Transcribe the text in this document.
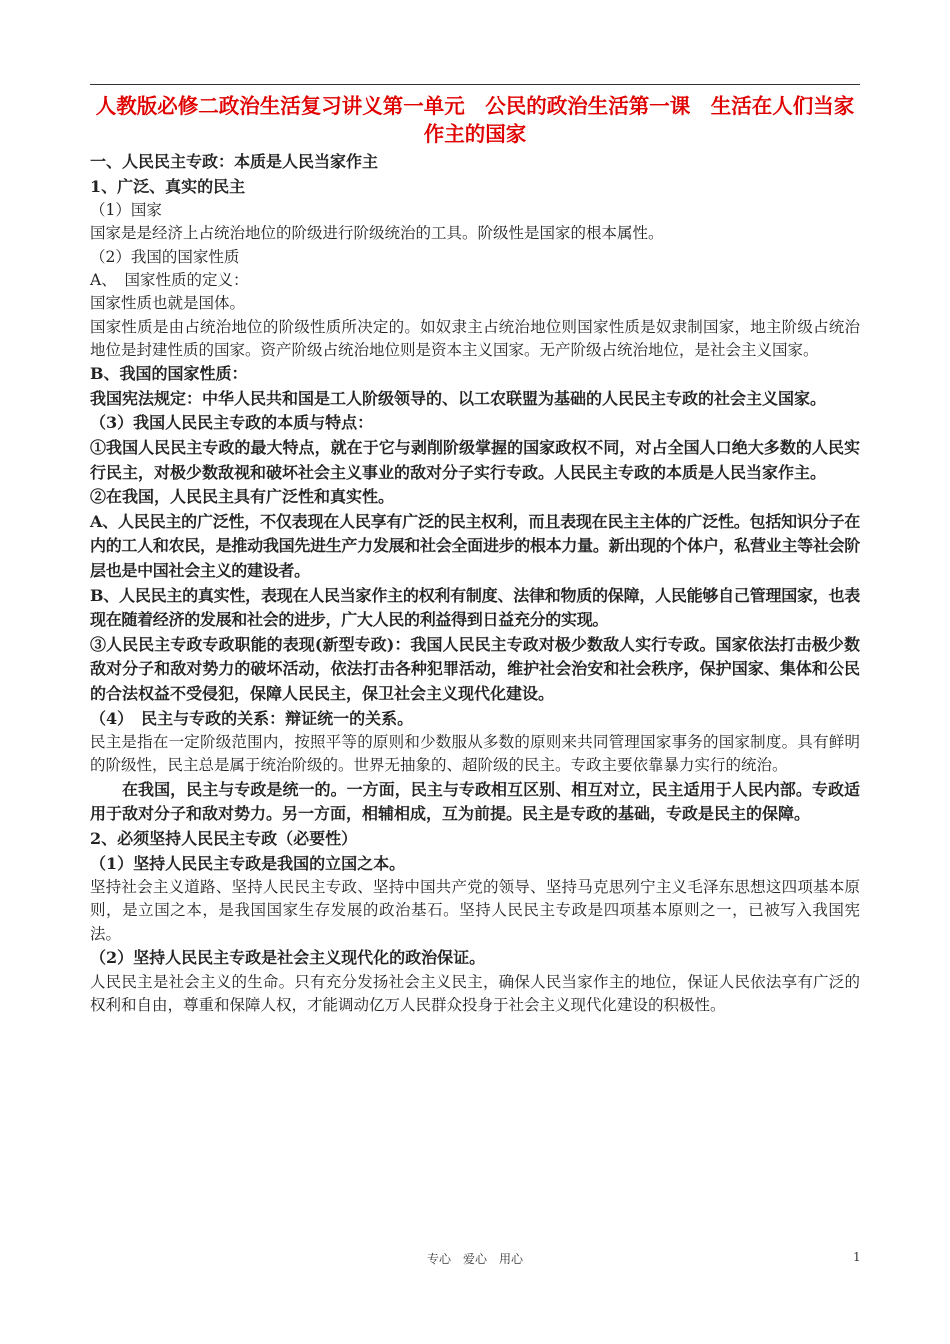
人教版必修二政治生活复习讲义第一单元　公民的政治生活第一课　生活在人们当家作主的国家

一、人民民主专政：本质是人民当家作主

1、广泛、真实的民主

（1）国家

国家是是经济上占统治地位的阶级进行阶级统治的工具。阶级性是国家的根本属性。

（2）我国的国家性质

A、　国家性质的定义：

国家性质也就是国体。

国家性质是由占统治地位的阶级性质所决定的。如奴隶主占统治地位则国家性质是奴隶制国家，地主阶级占统治地位是封建性质的国家。资产阶级占统治地位则是资本主义国家。无产阶级占统治地位，是社会主义国家。

B、我国的国家性质：

我国宪法规定：中华人民共和国是工人阶级领导的、以工农联盟为基础的人民民主专政的社会主义国家。

（3）我国人民民主专政的本质与特点：

①我国人民民主专政的最大特点，就在于它与剥削阶级掌握的国家政权不同，对占全国人口绝大多数的人民实行民主，对极少数敌视和破坏社会主义事业的敌对分子实行专政。人民民主专政的本质是人民当家作主。

②在我国，人民民主具有广泛性和真实性。

A、人民民主的广泛性，不仅表现在人民享有广泛的民主权利，而且表现在民主主体的广泛性。包括知识分子在内的工人和农民，是推动我国先进生产力发展和社会全面进步的根本力量。新出现的个体户，私营业主等社会阶层也是中国社会主义的建设者。

B、人民民主的真实性，表现在人民当家作主的权利有制度、法律和物质的保障，人民能够自己管理国家，也表现在随着经济的发展和社会的进步，广大人民的利益得到日益充分的实现。

③人民民主专政专政职能的表现(新型专政)：我国人民民主专政对极少数敌人实行专政。国家依法打击极少数敌对分子和敌对势力的破坏活动，依法打击各种犯罪活动，维护社会治安和社会秩序，保护国家、集体和公民的合法权益不受侵犯，保障人民民主，保卫社会主义现代化建设。

（4）　民主与专政的关系：辩证统一的关系。

民主是指在一定阶级范围内，按照平等的原则和少数服从多数的原则来共同管理国家事务的国家制度。具有鲜明的阶级性，民主总是属于统治阶级的。世界无抽象的、超阶级的民主。专政主要依靠暴力实行的统治。

在我国，民主与专政是统一的。一方面，民主与专政相互区别、相互对立，民主适用于人民内部。专政适用于敌对分子和敌对势力。另一方面，相辅相成，互为前提。民主是专政的基础，专政是民主的保障。

2、必须坚持人民民主专政（必要性）

（1）坚持人民民主专政是我国的立国之本。

坚持社会主义道路、坚持人民民主专政、坚持中国共产党的领导、坚持马克思列宁主义毛泽东思想这四项基本原则，是立国之本，是我国国家生存发展的政治基石。坚持人民民主专政是四项基本原则之一，已被写入我国宪法。

（2）坚持人民民主专政是社会主义现代化的政治保证。

人民民主是社会主义的生命。只有充分发扬社会主义民主，确保人民当家作主的地位，保证人民依法享有广泛的权利和自由，尊重和保障人权，才能调动亿万人民群众投身于社会主义现代化建设的积极性。

专心　爱心　用心	1
